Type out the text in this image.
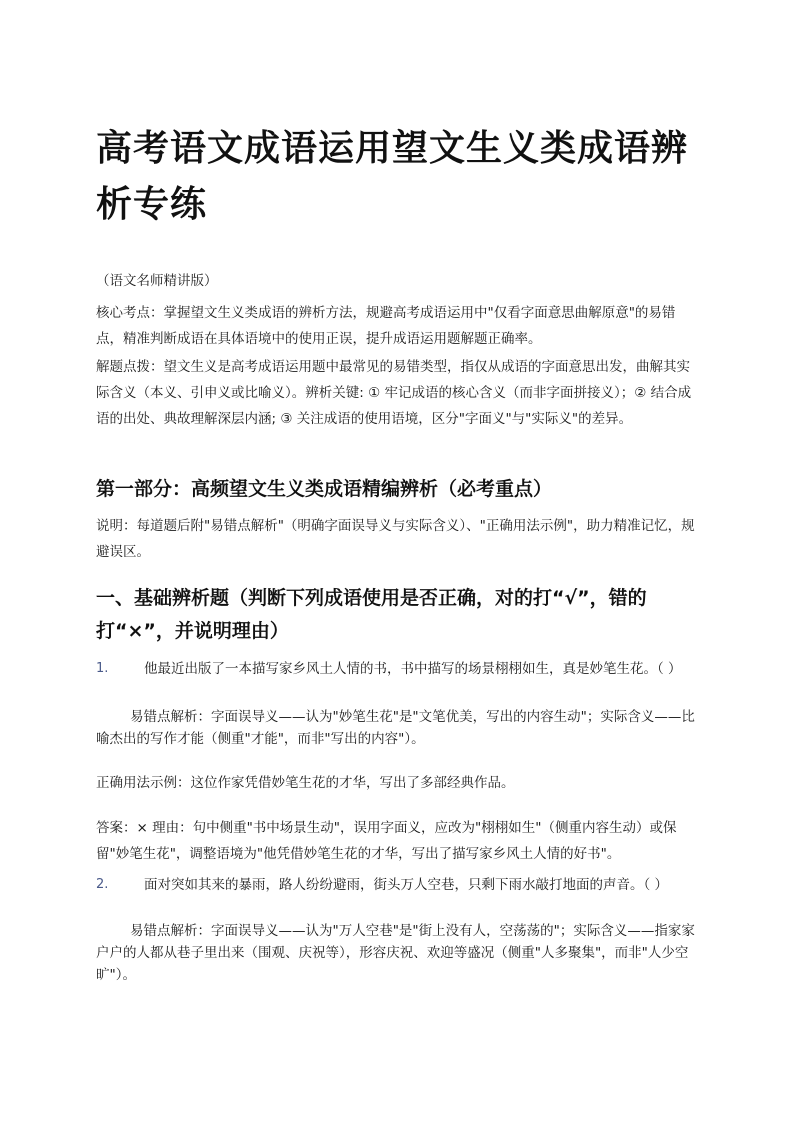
高考语文成语运用望文生义类成语辨析专练

（语文名师精讲版）

核心考点：掌握望文生义类成语的辨析方法，规避高考成语运用中"仅看字面意思曲解原意"的易错点，精准判断成语在具体语境中的使用正误，提升成语运用题解题正确率。

解题点拨：望文生义是高考成语运用题中最常见的易错类型，指仅从成语的字面意思出发，曲解其实际含义（本义、引申义或比喻义）。辨析关键: ① 牢记成语的核心含义（而非字面拼接义）；② 结合成语的出处、典故理解深层内涵; ③ 关注成语的使用语境，区分"字面义"与"实际义"的差异。

第一部分：高频望文生义类成语精编辨析（必考重点）

说明：每道题后附"易错点解析"（明确字面误导义与实际含义）、"正确用法示例"，助力精准记忆，规避误区。

一、基础辨析题（判断下列成语使用是否正确，对的打“√”，错的打“×”，并说明理由）
1.	他最近出版了一本描写家乡风土人情的书，书中描写的场景栩栩如生，真是妙笔生花。（ ）

易错点解析：字面误导义——认为"妙笔生花"是"文笔优美，写出的内容生动"；实际含义——比喻杰出的写作才能（侧重"才能"，而非"写出的内容"）。

正确用法示例：这位作家凭借妙笔生花的才华，写出了多部经典作品。

答案：× 理由：句中侧重"书中场景生动"，误用字面义，应改为"栩栩如生"（侧重内容生动）或保留"妙笔生花"，调整语境为"他凭借妙笔生花的才华，写出了描写家乡风土人情的好书"。

2.	面对突如其来的暴雨，路人纷纷避雨，街头万人空巷，只剩下雨水敲打地面的声音。（ ）

易错点解析：字面误导义——认为"万人空巷"是"街上没有人，空荡荡的"；实际含义——指家家户户的人都从巷子里出来（围观、庆祝等），形容庆祝、欢迎等盛况（侧重"人多聚集"，而非"人少空旷"）。
